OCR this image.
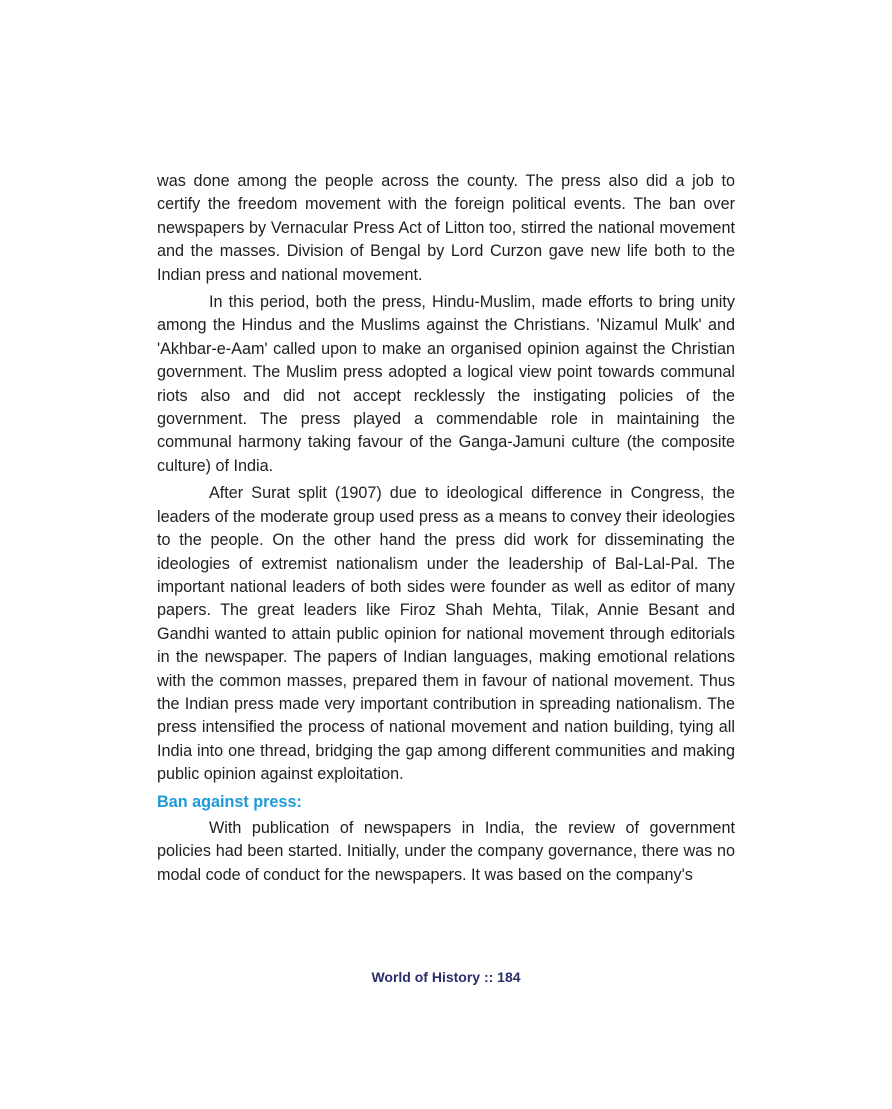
was done among the people across the county. The press also did a job to certify the freedom movement with the foreign political events. The ban over newspapers by Vernacular Press Act of Litton too, stirred the national movement and the masses. Division of Bengal by Lord Curzon gave new life both to the Indian press and national movement.

In this period, both the press, Hindu-Muslim, made efforts to bring unity among the Hindus and the Muslims against the Christians. 'Nizamul Mulk' and 'Akhbar-e-Aam' called upon to make an organised opinion against the Christian government. The Muslim press adopted a logical view point towards communal riots also and did not accept recklessly the instigating policies of the government. The press played a commendable role in maintaining the communal harmony taking favour of the Ganga-Jamuni culture (the composite culture) of India.

After Surat split (1907) due to ideological difference in Congress, the leaders of the moderate group used press as a means to convey their ideologies to the people. On the other hand the press did work for disseminating the ideologies of extremist nationalism under the leadership of Bal-Lal-Pal. The important national leaders of both sides were founder as well as editor of many papers. The great leaders like Firoz Shah Mehta, Tilak, Annie Besant and Gandhi wanted to attain public opinion for national movement through editorials in the newspaper. The papers of Indian languages, making emotional relations with the common masses, prepared them in favour of national movement. Thus the Indian press made very important contribution in spreading nationalism. The press intensified the process of national movement and nation building, tying all India into one thread, bridging the gap among different communities and making public opinion against exploitation.

Ban against press:

With publication of newspapers in India, the review of government policies had been started. Initially, under the company governance, there was no modal code of conduct for the newspapers. It was based on the company's

World of History :: 184
